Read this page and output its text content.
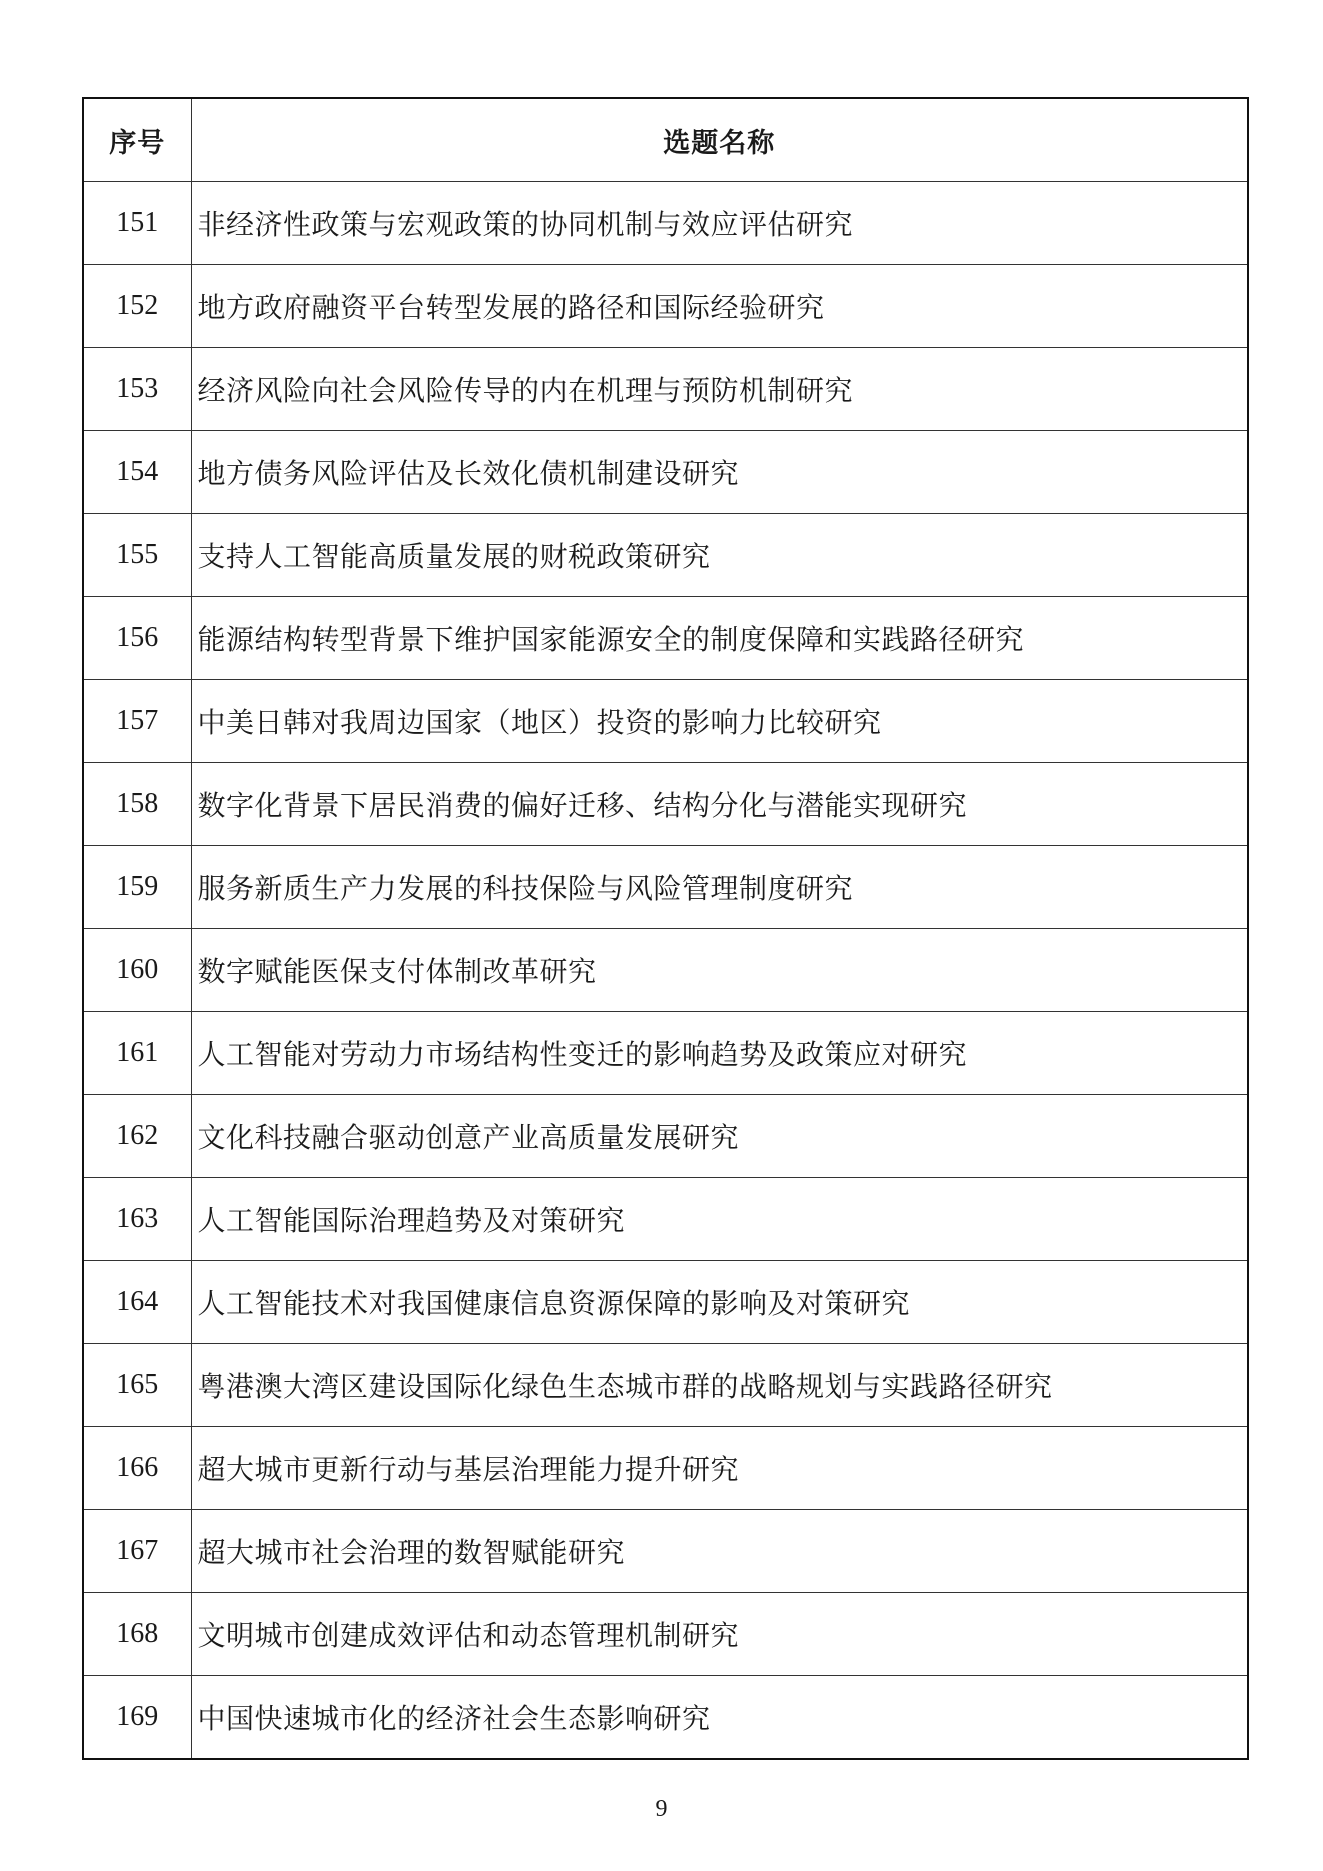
序号	选题名称
151	非经济性政策与宏观政策的协同机制与效应评估研究
152	地方政府融资平台转型发展的路径和国际经验研究
153	经济风险向社会风险传导的内在机理与预防机制研究
154	地方债务风险评估及长效化债机制建设研究
155	支持人工智能高质量发展的财税政策研究
156	能源结构转型背景下维护国家能源安全的制度保障和实践路径研究
157	中美日韩对我周边国家（地区）投资的影响力比较研究
158	数字化背景下居民消费的偏好迁移、结构分化与潜能实现研究
159	服务新质生产力发展的科技保险与风险管理制度研究
160	数字赋能医保支付体制改革研究
161	人工智能对劳动力市场结构性变迁的影响趋势及政策应对研究
162	文化科技融合驱动创意产业高质量发展研究
163	人工智能国际治理趋势及对策研究
164	人工智能技术对我国健康信息资源保障的影响及对策研究
165	粤港澳大湾区建设国际化绿色生态城市群的战略规划与实践路径研究
166	超大城市更新行动与基层治理能力提升研究
167	超大城市社会治理的数智赋能研究
168	文明城市创建成效评估和动态管理机制研究
169	中国快速城市化的经济社会生态影响研究
9
